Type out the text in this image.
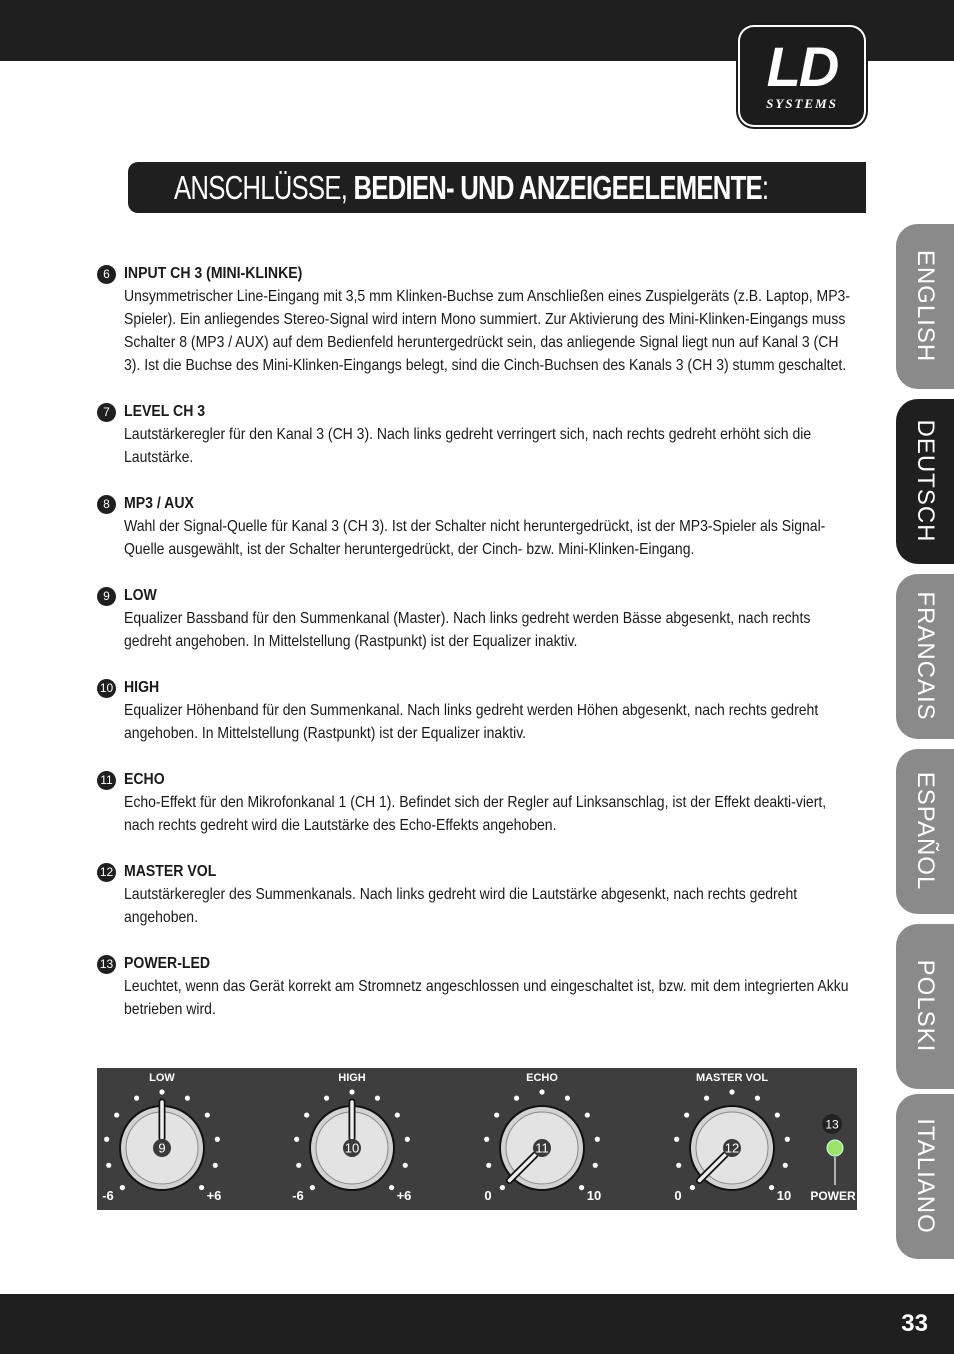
LD
SYSTEMS
ANSCHLÜSSE, BEDIEN- UND ANZEIGEELEMENTE:
6 INPUT CH 3 (MINI-KLINKE)

Unsymmetrischer Line-Eingang mit 3,5 mm Klinken-Buchse zum Anschließen eines Zuspielgeräts (z.B. Laptop, MP3-Spieler). Ein anliegendes Stereo-Signal wird intern Mono summiert. Zur Aktivierung des Mini-Klinken-Eingangs muss Schalter 8 (MP3 / AUX) auf dem Bedienfeld heruntergedrückt sein, das anliegende Signal liegt nun auf Kanal 3 (CH 3). Ist die Buchse des Mini-Klinken-Eingangs belegt, sind die Cinch-Buchsen des Kanals 3 (CH 3) stumm geschaltet.

7 LEVEL CH 3

Lautstärkeregler für den Kanal 3 (CH 3). Nach links gedreht verringert sich, nach rechts gedreht erhöht sich die Lautstärke.

8 MP3 / AUX

Wahl der Signal-Quelle für Kanal 3 (CH 3). Ist der Schalter nicht heruntergedrückt, ist der MP3-Spieler als Signal-Quelle ausgewählt, ist der Schalter heruntergedrückt, der Cinch- bzw. Mini-Klinken-Eingang.

9 LOW

Equalizer Bassband für den Summenkanal (Master). Nach links gedreht werden Bässe abgesenkt, nach rechts gedreht angehoben. In Mittelstellung (Rastpunkt) ist der Equalizer inaktiv.

10 HIGH

Equalizer Höhenband für den Summenkanal. Nach links gedreht werden Höhen abgesenkt, nach rechts gedreht angehoben. In Mittelstellung (Rastpunkt) ist der Equalizer inaktiv.

11 ECHO

Echo-Effekt für den Mikrofonkanal 1 (CH 1). Befindet sich der Regler auf Linksanschlag, ist der Effekt deakti-viert, nach rechts gedreht wird die Lautstärke des Echo-Effekts angehoben.

12 MASTER VOL

Lautstärkeregler des Summenkanals. Nach links gedreht wird die Lautstärke abgesenkt, nach rechts gedreht angehoben.

13 POWER-LED

Leuchtet, wenn das Gerät korrekt am Stromnetz angeschlossen und eingeschaltet ist, bzw. mit dem integrierten Akku betrieben wird.

ENGLISH
DEUTSCH
FRANCAIS
ESPAÑOL
POLSKI
ITALIANO
LOW
9
-6	+6
HIGH
10
-6	+6
ECHO
11
0	10
MASTER VOL
12
0	10
13
POWER
33
